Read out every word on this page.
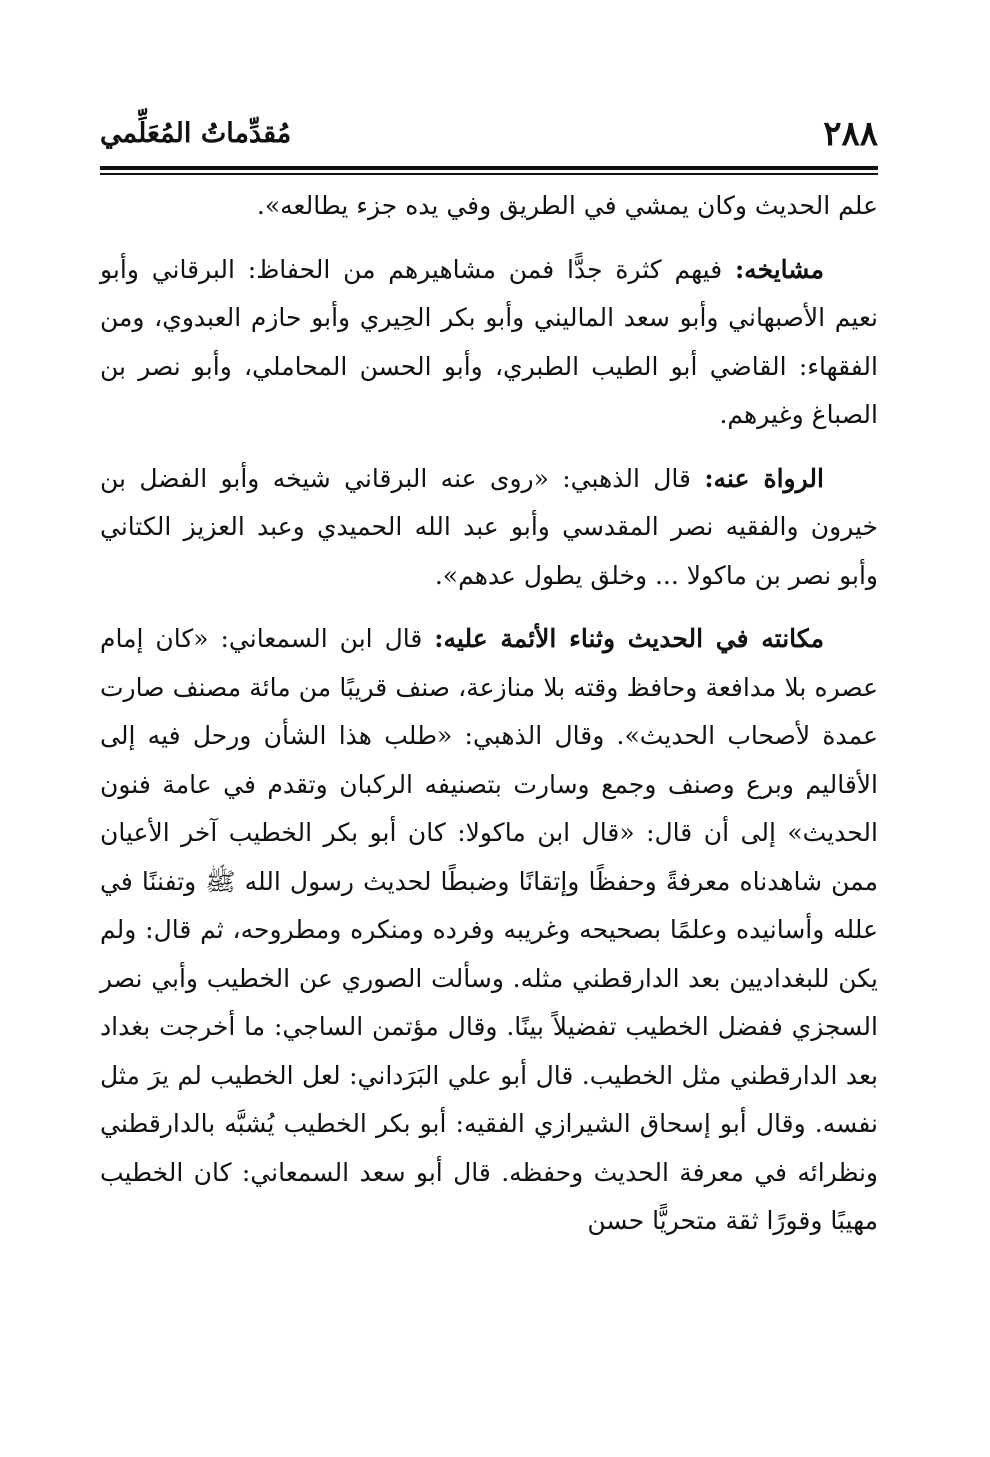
٢٨٨
مُقدِّماتُ المُعَلِّمي

علم الحديث وكان يمشي في الطريق وفي يده جزء يطالعه».

مشايخه: فيهم كثرة جدًّا فمن مشاهيرهم من الحفاظ: البرقاني وأبو نعيم الأصبهاني وأبو سعد الماليني وأبو بكر الحِيري وأبو حازم العبدوي، ومن الفقهاء: القاضي أبو الطيب الطبري، وأبو الحسن المحاملي، وأبو نصر بن الصباغ وغيرهم.

الرواة عنه: قال الذهبي: «روى عنه البرقاني شيخه وأبو الفضل بن خيرون والفقيه نصر المقدسي وأبو عبد الله الحميدي وعبد العزيز الكتاني وأبو نصر بن ماكولا ... وخلق يطول عدهم».

مكانته في الحديث وثناء الأئمة عليه: قال ابن السمعاني: «كان إمام عصره بلا مدافعة وحافظ وقته بلا منازعة، صنف قريبًا من مائة مصنف صارت عمدة لأصحاب الحديث». وقال الذهبي: «طلب هذا الشأن ورحل فيه إلى الأقاليم وبرع وصنف وجمع وسارت بتصنيفه الركبان وتقدم في عامة فنون الحديث» إلى أن قال: «قال ابن ماكولا: كان أبو بكر الخطيب آخر الأعيان ممن شاهدناه معرفةً وحفظًا وإتقانًا وضبطًا لحديث رسول الله ﷺ وتفننًا في علله وأسانيده وعلمًا بصحيحه وغريبه وفرده ومنكره ومطروحه، ثم قال: ولم يكن للبغداديين بعد الدارقطني مثله. وسألت الصوري عن الخطيب وأبي نصر السجزي ففضل الخطيب تفضيلاً بينًا. وقال مؤتمن الساجي: ما أخرجت بغداد بعد الدارقطني مثل الخطيب. قال أبو علي البَرَداني: لعل الخطيب لم يرَ مثل نفسه. وقال أبو إسحاق الشيرازي الفقيه: أبو بكر الخطيب يُشبَّه بالدارقطني ونظرائه في معرفة الحديث وحفظه. قال أبو سعد السمعاني: كان الخطيب مهيبًا وقورًا ثقة متحريًّا حسن
